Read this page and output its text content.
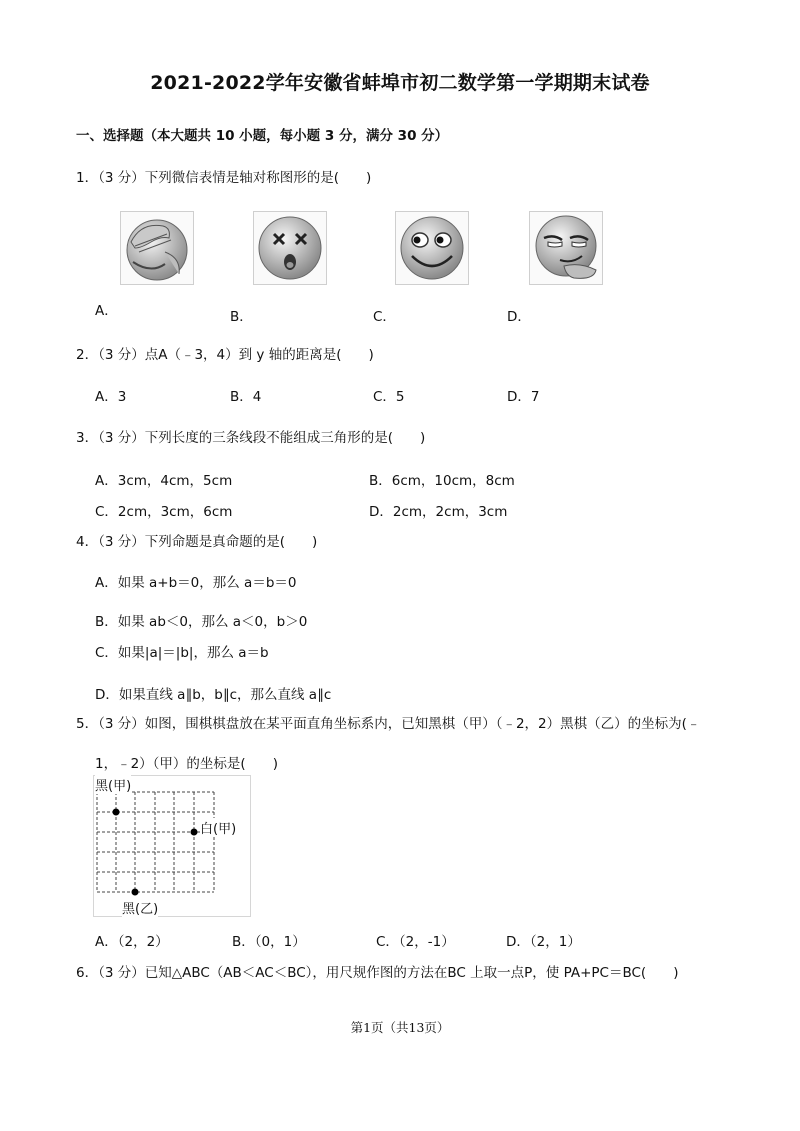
2021-2022学年安徽省蚌埠市初二数学第一学期期末试卷
一、选择题（本大题共 10 小题，每小题 3 分，满分 30 分）
1．（3 分）下列微信表情是轴对称图形的是(　　)
A．	B．	C．	D．
2．（3 分）点A（﹣3，4）到 y 轴的距离是(　　)
A．3	B．4	C．5	D．7
3．（3 分）下列长度的三条线段不能组成三角形的是(　　)
A．3cm，4cm，5cm	B．6cm，10cm，8cm
C．2cm，3cm，6cm	D．2cm，2cm，3cm
4．（3 分）下列命题是真命题的是(　　)
A．如果 a+b＝0，那么 a＝b＝0
B．如果 ab＜0，那么 a＜0，b＞0
C．如果|a|＝|b|，那么 a＝b
D．如果直线 a∥b，b∥c，那么直线 a∥c
5．（3 分）如图，围棋棋盘放在某平面直角坐标系内，已知黑棋（甲）（﹣2，2）黑棋（乙）的坐标为(﹣
1，﹣2）（甲）的坐标是(　　)
黑(甲)
白(甲)
黑(乙)
A．（2，2）	B．（0，1）	C．（2，-1）	D．（2，1）
6．（3 分）已知△ABC（AB＜AC＜BC），用尺规作图的方法在BC 上取一点P，使 PA+PC＝BC(　　)
第1页（共13页）
